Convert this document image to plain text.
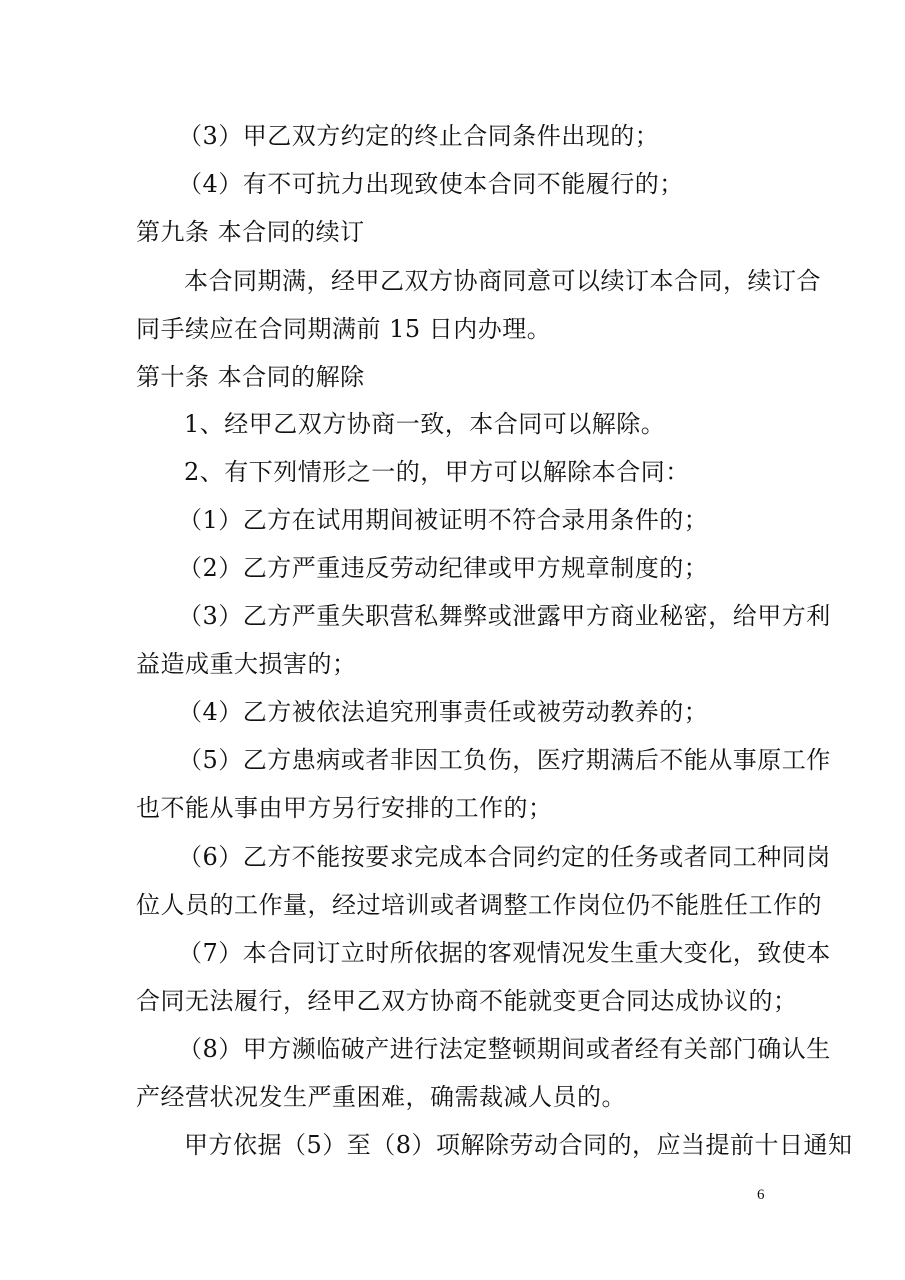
（3）甲乙双方约定的终止合同条件出现的；
（4）有不可抗力出现致使本合同不能履行的；
第九条 本合同的续订
本合同期满，经甲乙双方协商同意可以续订本合同，续订合
同手续应在合同期满前 15 日内办理。
第十条 本合同的解除
1、经甲乙双方协商一致，本合同可以解除。
2、有下列情形之一的，甲方可以解除本合同：
（1）乙方在试用期间被证明不符合录用条件的；
（2）乙方严重违反劳动纪律或甲方规章制度的；
（3）乙方严重失职营私舞弊或泄露甲方商业秘密，给甲方利
益造成重大损害的；
（4）乙方被依法追究刑事责任或被劳动教养的；
（5）乙方患病或者非因工负伤，医疗期满后不能从事原工作
也不能从事由甲方另行安排的工作的；
（6）乙方不能按要求完成本合同约定的任务或者同工种同岗
位人员的工作量，经过培训或者调整工作岗位仍不能胜任工作的
（7）本合同订立时所依据的客观情况发生重大变化，致使本
合同无法履行，经甲乙双方协商不能就变更合同达成协议的；
（8）甲方濒临破产进行法定整顿期间或者经有关部门确认生
产经营状况发生严重困难，确需裁减人员的。
甲方依据（5）至（8）项解除劳动合同的，应当提前十日通知
6
